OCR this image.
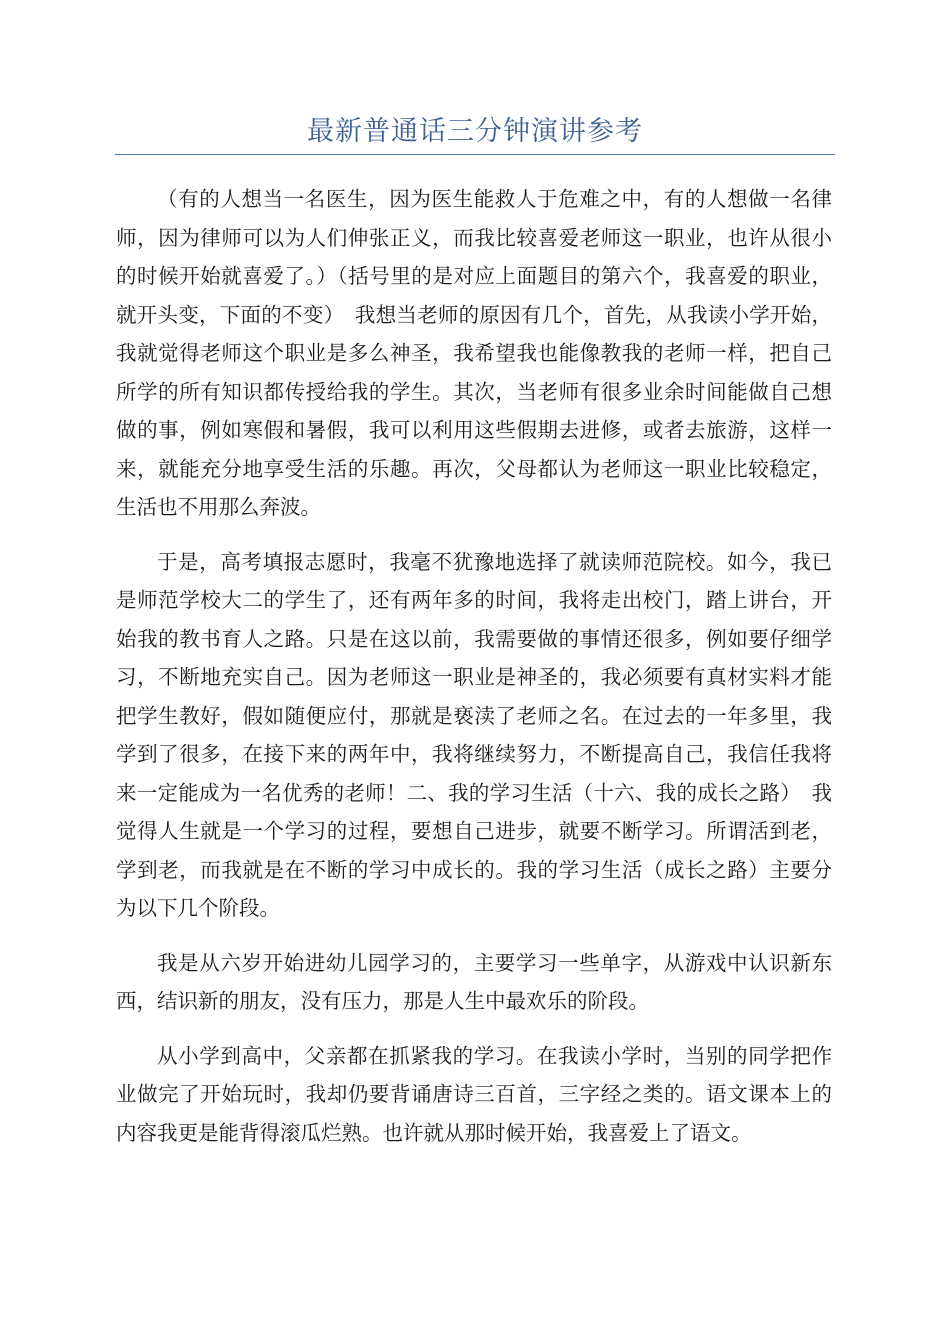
最新普通话三分钟演讲参考

（有的人想当一名医生，因为医生能救人于危难之中，有的人想做一名律师，因为律师可以为人们伸张正义，而我比较喜爱老师这一职业，也许从很小的时候开始就喜爱了。）（括号里的是对应上面题目的第六个，我喜爱的职业，就开头变，下面的不变）　我想当老师的原因有几个，首先，从我读小学开始，我就觉得老师这个职业是多么神圣，我希望我也能像教我的老师一样，把自己所学的所有知识都传授给我的学生。其次，当老师有很多业余时间能做自己想做的事，例如寒假和暑假，我可以利用这些假期去进修，或者去旅游，这样一来，就能充分地享受生活的乐趣。再次，父母都认为老师这一职业比较稳定，生活也不用那么奔波。

于是，高考填报志愿时，我毫不犹豫地选择了就读师范院校。如今，我已是师范学校大二的学生了，还有两年多的时间，我将走出校门，踏上讲台，开始我的教书育人之路。只是在这以前，我需要做的事情还很多，例如要仔细学习，不断地充实自己。因为老师这一职业是神圣的，我必须要有真材实料才能把学生教好，假如随便应付，那就是亵渎了老师之名。在过去的一年多里，我学到了很多，在接下来的两年中，我将继续努力，不断提高自己，我信任我将来一定能成为一名优秀的老师！二、我的学习生活（十六、我的成长之路）　我觉得人生就是一个学习的过程，要想自己进步，就要不断学习。所谓活到老，学到老，而我就是在不断的学习中成长的。我的学习生活（成长之路）主要分为以下几个阶段。

我是从六岁开始进幼儿园学习的，主要学习一些单字，从游戏中认识新东西，结识新的朋友，没有压力，那是人生中最欢乐的阶段。

从小学到高中，父亲都在抓紧我的学习。在我读小学时，当别的同学把作业做完了开始玩时，我却仍要背诵唐诗三百首，三字经之类的。语文课本上的内容我更是能背得滚瓜烂熟。也许就从那时候开始，我喜爱上了语文。
